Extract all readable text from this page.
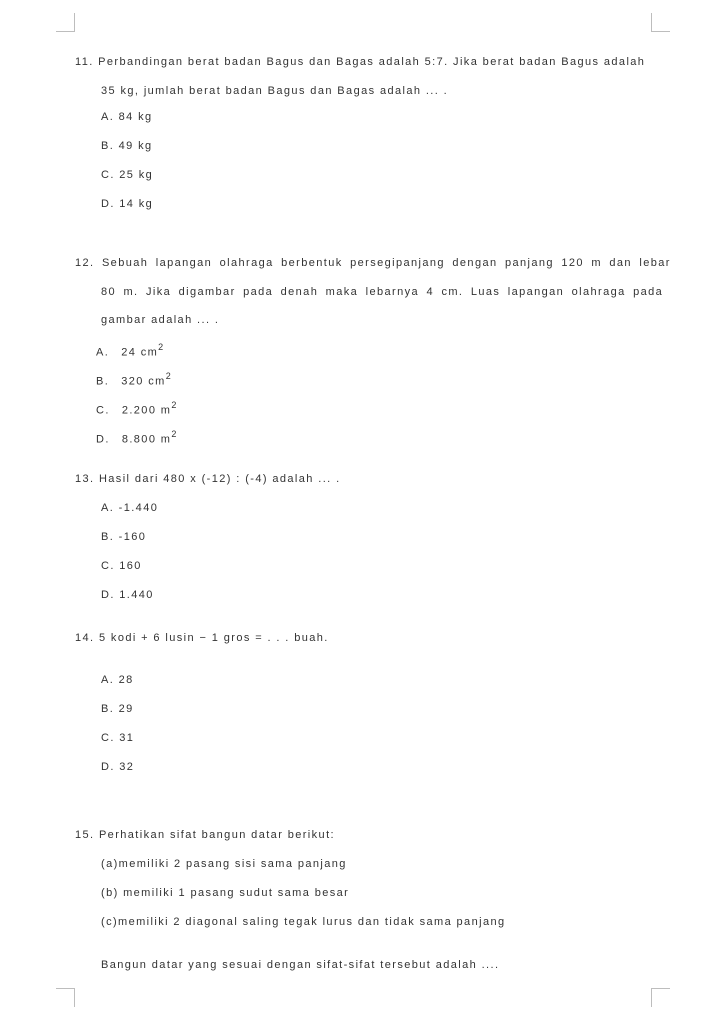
11. Perbandingan berat badan Bagus dan Bagas adalah 5:7. Jika berat badan Bagus adalah
35 kg, jumlah berat badan Bagus dan Bagas adalah ... .
A. 84 kg
B. 49 kg
C. 25 kg
D. 14 kg
12. Sebuah lapangan olahraga berbentuk persegipanjang dengan panjang 120 m dan lebar
80 m. Jika digambar pada denah maka lebarnya 4 cm. Luas lapangan olahraga pada
gambar adalah ... .
A. 24 $cm^2$
B. 320 $cm^2$
C. 2.200 $m^2$
D. 8.800 $m^2$
13. Hasil dari 480 x (-12) : (-4) adalah ... .
A. -1.440
B. -160
C. 160
D. 1.440
14. 5 kodi + 6 lusin − 1 gros = . . . buah.
A. 28
B. 29
C. 31
D. 32
15. Perhatikan sifat bangun datar berikut:
(a)memiliki 2 pasang sisi sama panjang
(b) memiliki 1 pasang sudut sama besar
(c)memiliki 2 diagonal saling tegak lurus dan tidak sama panjang
Bangun datar yang sesuai dengan sifat-sifat tersebut adalah ....
